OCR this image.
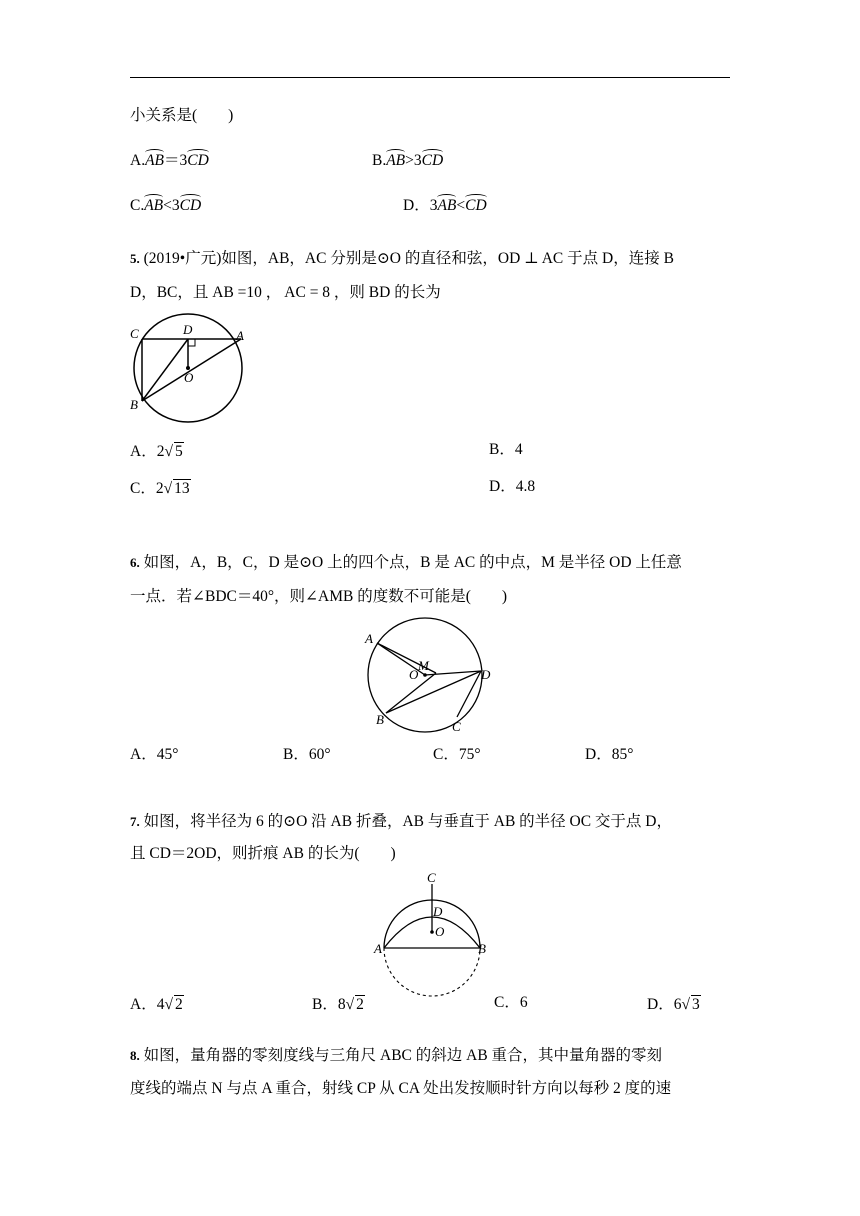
小关系是(　　)
A.AB＝3CD	B.AB>3CD
C.AB<3CD	D．3AB<CD
5. (2019•广元)如图，AB，AC 分别是⊙O 的直径和弦，OD ⊥ AC 于点 D，连接 B
D，BC，且 AB =10 ， AC = 8 ，则 BD 的长为
C	D	A
O
B
A．2√ 5	B．4
C．2√ 13	D．4.8
6. 如图，A，B，C，D 是⊙O 上的四个点，B 是 AC 的中点，M 是半径 OD 上任意
一点．若∠BDC＝40°，则∠AMB 的度数不可能是(　　)
A
M
O	D
B	C
A．45°	B．60°	C．75°	D．85°
7. 如图，将半径为 6 的⊙O 沿 AB 折叠，AB 与垂直于 AB 的半径 OC 交于点 D，
且 CD＝2OD，则折痕 AB 的长为(　　)
C
D
O
A	B
A．4√ 2	B．8√ 2	C．6	D．6√ 3
8. 如图，量角器的零刻度线与三角尺 ABC 的斜边 AB 重合，其中量角器的零刻
度线的端点 N 与点 A 重合，射线 CP 从 CA 处出发按顺时针方向以每秒 2 度的速
